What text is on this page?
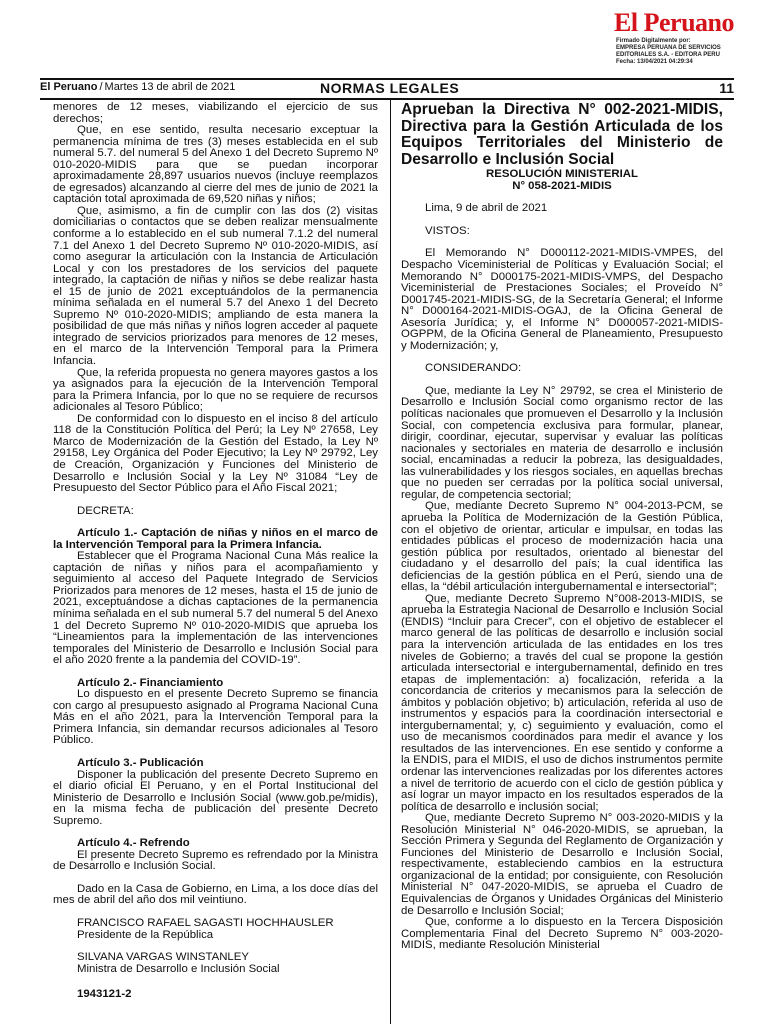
El Peruano
Firmado Digitalmente por:
EMPRESA PERUANA DE SERVICIOS
EDITORIALES S.A. - EDITORA PERU
Fecha: 13/04/2021 04:29:34
El Peruano / Martes 13 de abril de 2021	NORMAS LEGALES	11

menores de 12 meses, viabilizando el ejercicio de sus derechos;

Que, en ese sentido, resulta necesario exceptuar la permanencia mínima de tres (3) meses establecida en el sub numeral 5.7. del numeral 5 del Anexo 1 del Decreto Supremo Nº 010-2020-MIDIS para que se puedan incorporar aproximadamente 28,897 usuarios nuevos (incluye reemplazos de egresados) alcanzando al cierre del mes de junio de 2021 la captación total aproximada de 69,520 niñas y niños;

Que, asimismo, a fin de cumplir con las dos (2) visitas domiciliarias o contactos que se deben realizar mensualmente conforme a lo establecido en el sub numeral 7.1.2 del numeral 7.1 del Anexo 1 del Decreto Supremo Nº 010-2020-MIDIS, así como asegurar la articulación con la Instancia de Articulación Local y con los prestadores de los servicios del paquete integrado, la captación de niñas y niños se debe realizar hasta el 15 de junio de 2021 exceptuándolos de la permanencia mínima señalada en el numeral 5.7 del Anexo 1 del Decreto Supremo Nº 010-2020-MIDIS; ampliando de esta manera la posibilidad de que más niñas y niños logren acceder al paquete integrado de servicios priorizados para menores de 12 meses, en el marco de la Intervención Temporal para la Primera Infancia.

Que, la referida propuesta no genera mayores gastos a los ya asignados para la ejecución de la Intervención Temporal para la Primera Infancia, por lo que no se requiere de recursos adicionales al Tesoro Público;

De conformidad con lo dispuesto en el inciso 8 del artículo 118 de la Constitución Política del Perú; la Ley Nº 27658, Ley Marco de Modernización de la Gestión del Estado, la Ley Nº 29158, Ley Orgánica del Poder Ejecutivo; la Ley Nº 29792, Ley de Creación, Organización y Funciones del Ministerio de Desarrollo e Inclusión Social y la Ley Nº 31084 “Ley de Presupuesto del Sector Público para el Año Fiscal 2021;

DECRETA:

Artículo 1.- Captación de niñas y niños en el marco de la Intervención Temporal para la Primera Infancia.

Establecer que el Programa Nacional Cuna Más realice la captación de niñas y niños para el acompañamiento y seguimiento al acceso del Paquete Integrado de Servicios Priorizados para menores de 12 meses, hasta el 15 de junio de 2021, exceptuándose a dichas captaciones de la permanencia mínima señalada en el sub numeral 5.7 del numeral 5 del Anexo 1 del Decreto Supremo Nº 010-2020-MIDIS que aprueba los “Lineamientos para la implementación de las intervenciones temporales del Ministerio de Desarrollo e Inclusión Social para el año 2020 frente a la pandemia del COVID-19”.

Artículo 2.- Financiamiento

Lo dispuesto en el presente Decreto Supremo se financia con cargo al presupuesto asignado al Programa Nacional Cuna Más en el año 2021, para la Intervención Temporal para la Primera Infancia, sin demandar recursos adicionales al Tesoro Público.

Artículo 3.- Publicación

Disponer la publicación del presente Decreto Supremo en el diario oficial El Peruano, y en el Portal Institucional del Ministerio de Desarrollo e Inclusión Social (www.gob.pe/midis), en la misma fecha de publicación del presente Decreto Supremo.

Artículo 4.- Refrendo

El presente Decreto Supremo es refrendado por la Ministra de Desarrollo e Inclusión Social.

Dado en la Casa de Gobierno, en Lima, a los doce días del mes de abril del año dos mil veintiuno.

FRANCISCO RAFAEL SAGASTI HOCHHAUSLER

Presidente de la República

SILVANA VARGAS WINSTANLEY

Ministra de Desarrollo e Inclusión Social

1943121-2

Aprueban la Directiva N° 002-2021-MIDIS, Directiva para la Gestión Articulada de los Equipos Territoriales del Ministerio de Desarrollo e Inclusión Social

RESOLUCIÓN MINISTERIAL

N° 058-2021-MIDIS

Lima, 9 de abril de 2021

VISTOS:

El Memorando N° D000112-2021-MIDIS-VMPES, del Despacho Viceministerial de Políticas y Evaluación Social; el Memorando N° D000175-2021-MIDIS-VMPS, del Despacho Viceministerial de Prestaciones Sociales; el Proveído N° D001745-2021-MIDIS-SG, de la Secretaría General; el Informe N° D000164-2021-MIDIS-OGAJ, de la Oficina General de Asesoría Jurídica; y, el Informe N° D000057-2021-MIDIS-OGPPM, de la Oficina General de Planeamiento, Presupuesto y Modernización; y,

CONSIDERANDO:

Que, mediante la Ley N° 29792, se crea el Ministerio de Desarrollo e Inclusión Social como organismo rector de las políticas nacionales que promueven el Desarrollo y la Inclusión Social, con competencia exclusiva para formular, planear, dirigir, coordinar, ejecutar, supervisar y evaluar las políticas nacionales y sectoriales en materia de desarrollo e inclusión social, encaminadas a reducir la pobreza, las desigualdades, las vulnerabilidades y los riesgos sociales, en aquellas brechas que no pueden ser cerradas por la política social universal, regular, de competencia sectorial;

Que, mediante Decreto Supremo N° 004-2013-PCM, se aprueba la Política de Modernización de la Gestión Pública, con el objetivo de orientar, articular e impulsar, en todas las entidades públicas el proceso de modernización hacia una gestión pública por resultados, orientado al bienestar del ciudadano y el desarrollo del país; la cual identifica las deficiencias de la gestión pública en el Perú, siendo una de ellas, la “débil articulación intergubernamental e intersectorial”;

Que, mediante Decreto Supremo N°008-2013-MIDIS, se aprueba la Estrategia Nacional de Desarrollo e Inclusión Social (ENDIS) “Incluir para Crecer”, con el objetivo de establecer el marco general de las políticas de desarrollo e inclusión social para la intervención articulada de las entidades en los tres niveles de Gobierno; a través del cual se propone la gestión articulada intersectorial e intergubernamental, definido en tres etapas de implementación: a) focalización, referida a la concordancia de criterios y mecanismos para la selección de ámbitos y población objetivo; b) articulación, referida al uso de instrumentos y espacios para la coordinación intersectorial e intergubernamental; y, c) seguimiento y evaluación, como el uso de mecanismos coordinados para medir el avance y los resultados de las intervenciones. En ese sentido y conforme a la ENDIS, para el MIDIS, el uso de dichos instrumentos permite ordenar las intervenciones realizadas por los diferentes actores a nivel de territorio de acuerdo con el ciclo de gestión pública y así lograr un mayor impacto en los resultados esperados de la política de desarrollo e inclusión social;

Que, mediante Decreto Supremo N° 003-2020-MIDIS y la Resolución Ministerial N° 046-2020-MIDIS, se aprueban, la Sección Primera y Segunda del Reglamento de Organización y Funciones del Ministerio de Desarrollo e Inclusión Social, respectivamente, estableciendo cambios en la estructura organizacional de la entidad; por consiguiente, con Resolución Ministerial N° 047-2020-MIDIS, se aprueba el Cuadro de Equivalencias de Órganos y Unidades Orgánicas del Ministerio de Desarrollo e Inclusión Social;

Que, conforme a lo dispuesto en la Tercera Disposición Complementaria Final del Decreto Supremo N° 003-2020-MIDIS, mediante Resolución Ministerial
